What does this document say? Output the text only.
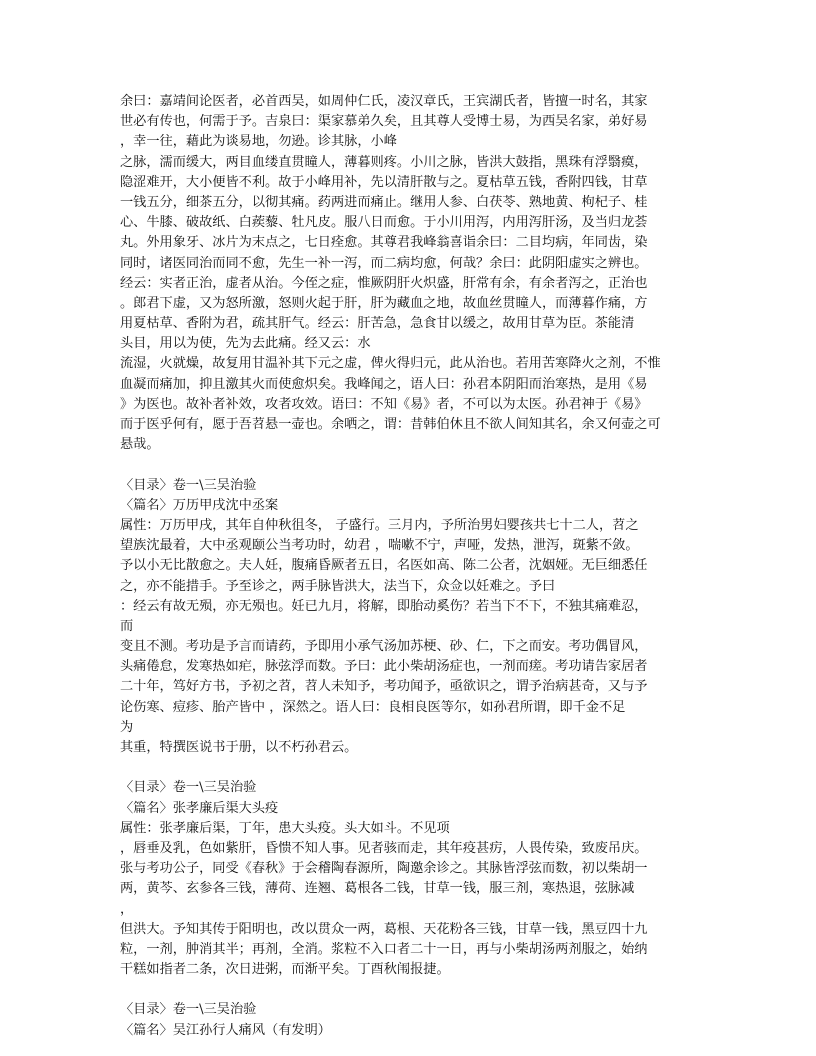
余曰：嘉靖间论医者，必首西吴，如周仲仁氏，凌汉章氏，王宾湖氏者，皆擅一时名，其家
世必有传也，何需于予。吉泉曰：渠家慕弟久矣，且其尊人受博士易，为西吴名家，弟好易
，幸一往，藉此为谈易地，勿逊。诊其脉，小峰
之脉，濡而缓大，两目血缕直贯瞳人，薄暮则疼。小川之脉，皆洪大鼓指，黑珠有浮翳瘼，
隐涩难开，大小便皆不利。故于小峰用补，先以清肝散与之。夏枯草五钱，香附四钱，甘草
一钱五分，细茶五分，以彻其痛。药两进而痛止。继用人参、白茯苓、熟地黄、枸杞子、桂
心、牛膝、破故纸、白蒺藜、牡凡皮。服八日而愈。于小川用泻，内用泻肝汤，及当归龙荟
丸。外用象牙、冰片为末点之，七日痊愈。其尊君我峰翁喜诣余曰：二目均病，年同齿，染
同时，诸医同治而同不愈，先生一补一泻，而二病均愈，何哉？余曰：此阴阳虚实之辨也。
经云：实者正治，虚者从治。今侄之症，惟厥阴肝火炽盛，肝常有余，有余者泻之，正治也
。郎君下虚，又为怒所激，怒则火起于肝，肝为藏血之地，故血丝贯瞳人，而薄暮作痛，方
用夏枯草、香附为君，疏其肝气。经云：肝苦急，急食甘以缓之，故用甘草为臣。茶能清
头目，用以为使，先为去此痛。经又云：水
流湿，火就燥，故复用甘温补其下元之虚，俾火得归元，此从治也。若用苦寒降火之剂，不惟
血凝而痛加，抑且激其火而使愈炽矣。我峰闻之，语人曰：孙君本阴阳而治寒热，是用《易
》为医也。故补者补效，攻者攻效。语曰：不知《易》者，不可以为太医。孙君神于《易》
而于医乎何有，愿于吾苕悬一壶也。余哂之，谓：昔韩伯休且不欲人间知其名，余又何壶之可
悬哉。
〈目录〉卷一\三吴治验
〈篇名〉万历甲戌沈中丞案
属性：万历甲戌，其年自仲秋徂冬， 子盛行。三月内，予所治男妇婴孩共七十二人，苕之
望族沈最着，大中丞观颐公当考功时，幼君 ，喘嗽不宁，声哑，发热，泄泻，斑紫不敛。
予以小无比散愈之。夫人妊，腹痛昏厥者五日，名医如高、陈二公者，沈姻娅。无巨细悉任
之，亦不能措手。予至诊之，两手脉皆洪大，法当下，众佥以妊难之。予曰
：经云有故无殒，亦无殒也。妊已九月，将解，即胎动奚伤？若当下不下，不独其痛难忍，
而
变且不测。考功是予言而请药，予即用小承气汤加苏梗、砂、仁，下之而安。考功偶冒风，
头痛倦怠，发寒热如疟，脉弦浮而数。予曰：此小柴胡汤症也，一剂而瘥。考功请告家居者
二十年，笃好方书，予初之苕，苕人未知予，考功闻予，亟欲识之，谓予治病甚奇，又与予
论伤寒、痘疹、胎产皆中 ，深然之。语人曰：良相良医等尔，如孙君所谓，即千金不足
为
其重，特撰医说书于册，以不朽孙君云。
〈目录〉卷一\三吴治验
〈篇名〉张孝廉后渠大头疫
属性：张孝廉后渠，丁年，患大头疫。头大如斗。不见项
，唇垂及乳，色如紫肝，昏愦不知人事。见者骇而走，其年疫甚疠，人畏传染，致废吊庆。
张与考功公子，同受《春秋》于会稽陶春源所，陶邀余诊之。其脉皆浮弦而数，初以柴胡一
两，黄芩、玄参各三钱，薄荷、连翘、葛根各二钱，甘草一钱，服三剂，寒热退，弦脉减
，
但洪大。予知其传于阳明也，改以贯众一两，葛根、天花粉各三钱，甘草一钱，黑豆四十九
粒，一剂，肿消其半；再剂，全消。浆粒不入口者二十一日，再与小柴胡汤两剂服之，始纳
干糕如指者二条，次日进粥，而渐平矣。丁酉秋闱报捷。
〈目录〉卷一\三吴治验
〈篇名〉吴江孙行人痛风（有发明）
